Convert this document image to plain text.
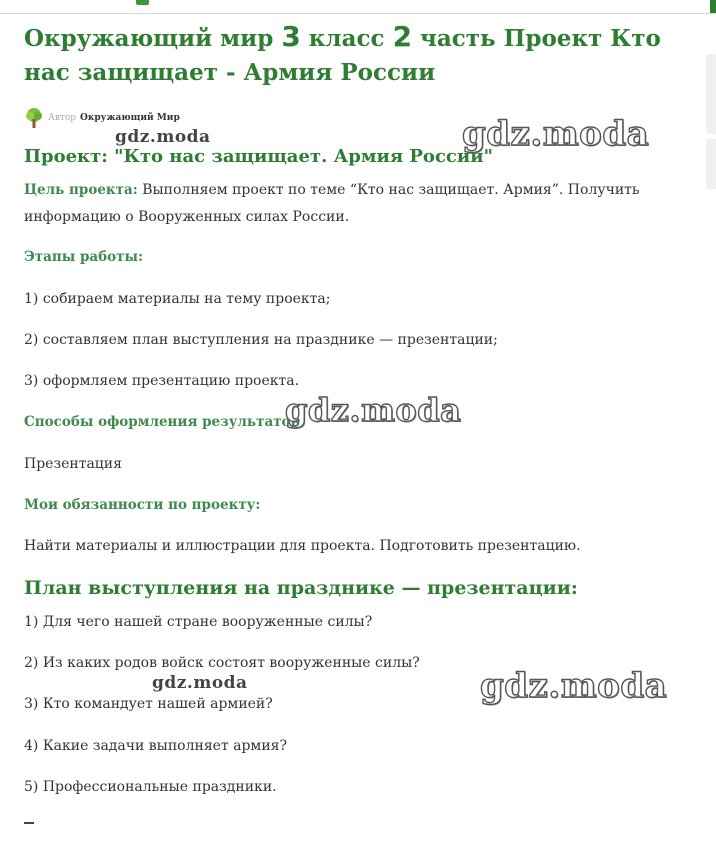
Окружающий мир 3 класс 2 часть Проект Кто нас защищает - Армия России
Автор Окружающий Мир
Проект: "Кто нас защищает. Армия России"

Цель проекта: Выполняем проект по теме “Кто нас защищает. Армия”. Получить

информацию о Вооруженных силах России.

Этапы работы:

1) собираем материалы на тему проекта;

2) составляем план выступления на празднике — презентации;

3) оформляем презентацию проекта.

Способы оформления результатов:

Презентация

Мои обязанности по проекту:

Найти материалы и иллюстрации для проекта. Подготовить презентацию.

План выступления на празднике — презентации:

1) Для чего нашей стране вооруженные силы?

2) Из каких родов войск состоят вооруженные силы?

3) Кто командует нашей армией?

4) Какие задачи выполняет армия?

5) Профессиональные праздники.

gdz.moda	gdz.moda
gdz.moda
gdz.moda	gdz.moda
